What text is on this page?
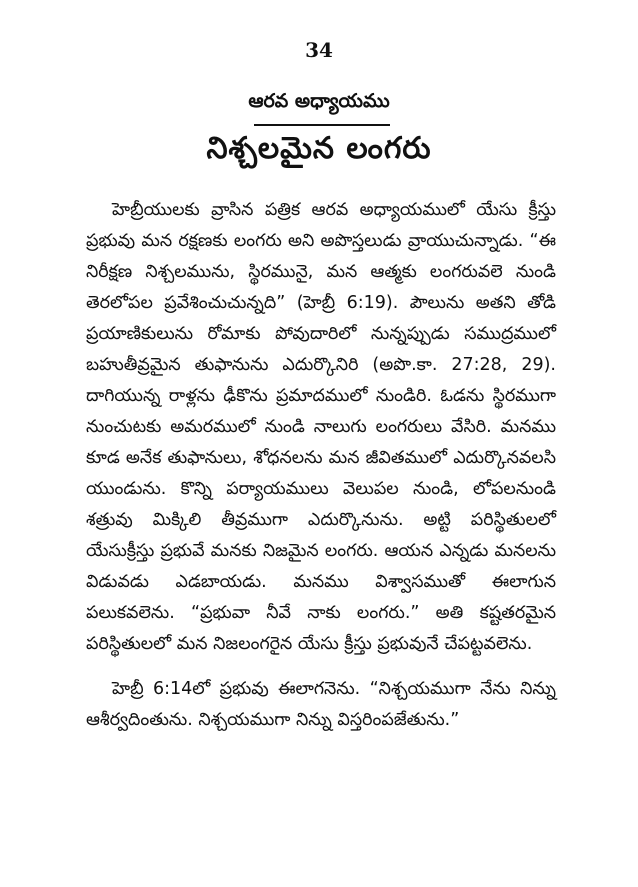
34
ఆరవ అధ్యాయము
నిశ్చలమైన లంగరు

హెబ్రీయులకు వ్రాసిన పత్రిక ఆరవ అధ్యాయములో యేసు క్రీస్తు ప్రభువు మన రక్షణకు లంగరు అని అపొస్తలుడు వ్రాయుచున్నాడు. “ఈ నిరీక్షణ నిశ్చలమును, స్థిరమునై, మన ఆత్మకు లంగరువలె నుండి తెరలోపల ప్రవేశించుచున్నది” (హెబ్రీ 6:19). పౌలును అతని తోడి ప్రయాణికులును రోమాకు పోవుదారిలో నున్నప్పుడు సముద్రములో బహుతీవ్రమైన తుఫానును ఎదుర్కొనిరి (అపొ.కా. 27:28, 29). దాగియున్న రాళ్లను ఢీకొను ప్రమాదములో నుండిరి. ఓడను స్థిరముగా నుంచుటకు అమరములో నుండి నాలుగు లంగరులు వేసిరి. మనము కూడ అనేక తుఫానులు, శోధనలను మన జీవితములో ఎదుర్కొనవలసి యుండును. కొన్ని పర్యాయములు వెలుపల నుండి, లోపలనుండి శత్రువు మిక్కిలి తీవ్రముగా ఎదుర్కొనును. అట్టి పరిస్థితులలో యేసుక్రీస్తు ప్రభువే మనకు నిజమైన లంగరు. ఆయన ఎన్నడు మనలను విడువడు ఎడబాయడు. మనము విశ్వాసముతో ఈలాగున పలుకవలెను. “ప్రభువా నీవే నాకు లంగరు.” అతి కష్టతరమైన పరిస్థితులలో మన నిజలంగరైన యేసు క్రీస్తు ప్రభువునే చేపట్టవలెను.

హెబ్రీ 6:14లో ప్రభువు ఈలాగనెను. “నిశ్చయముగా నేను నిన్ను ఆశీర్వదింతును. నిశ్చయముగా నిన్ను విస్తరింపజేతును.”
